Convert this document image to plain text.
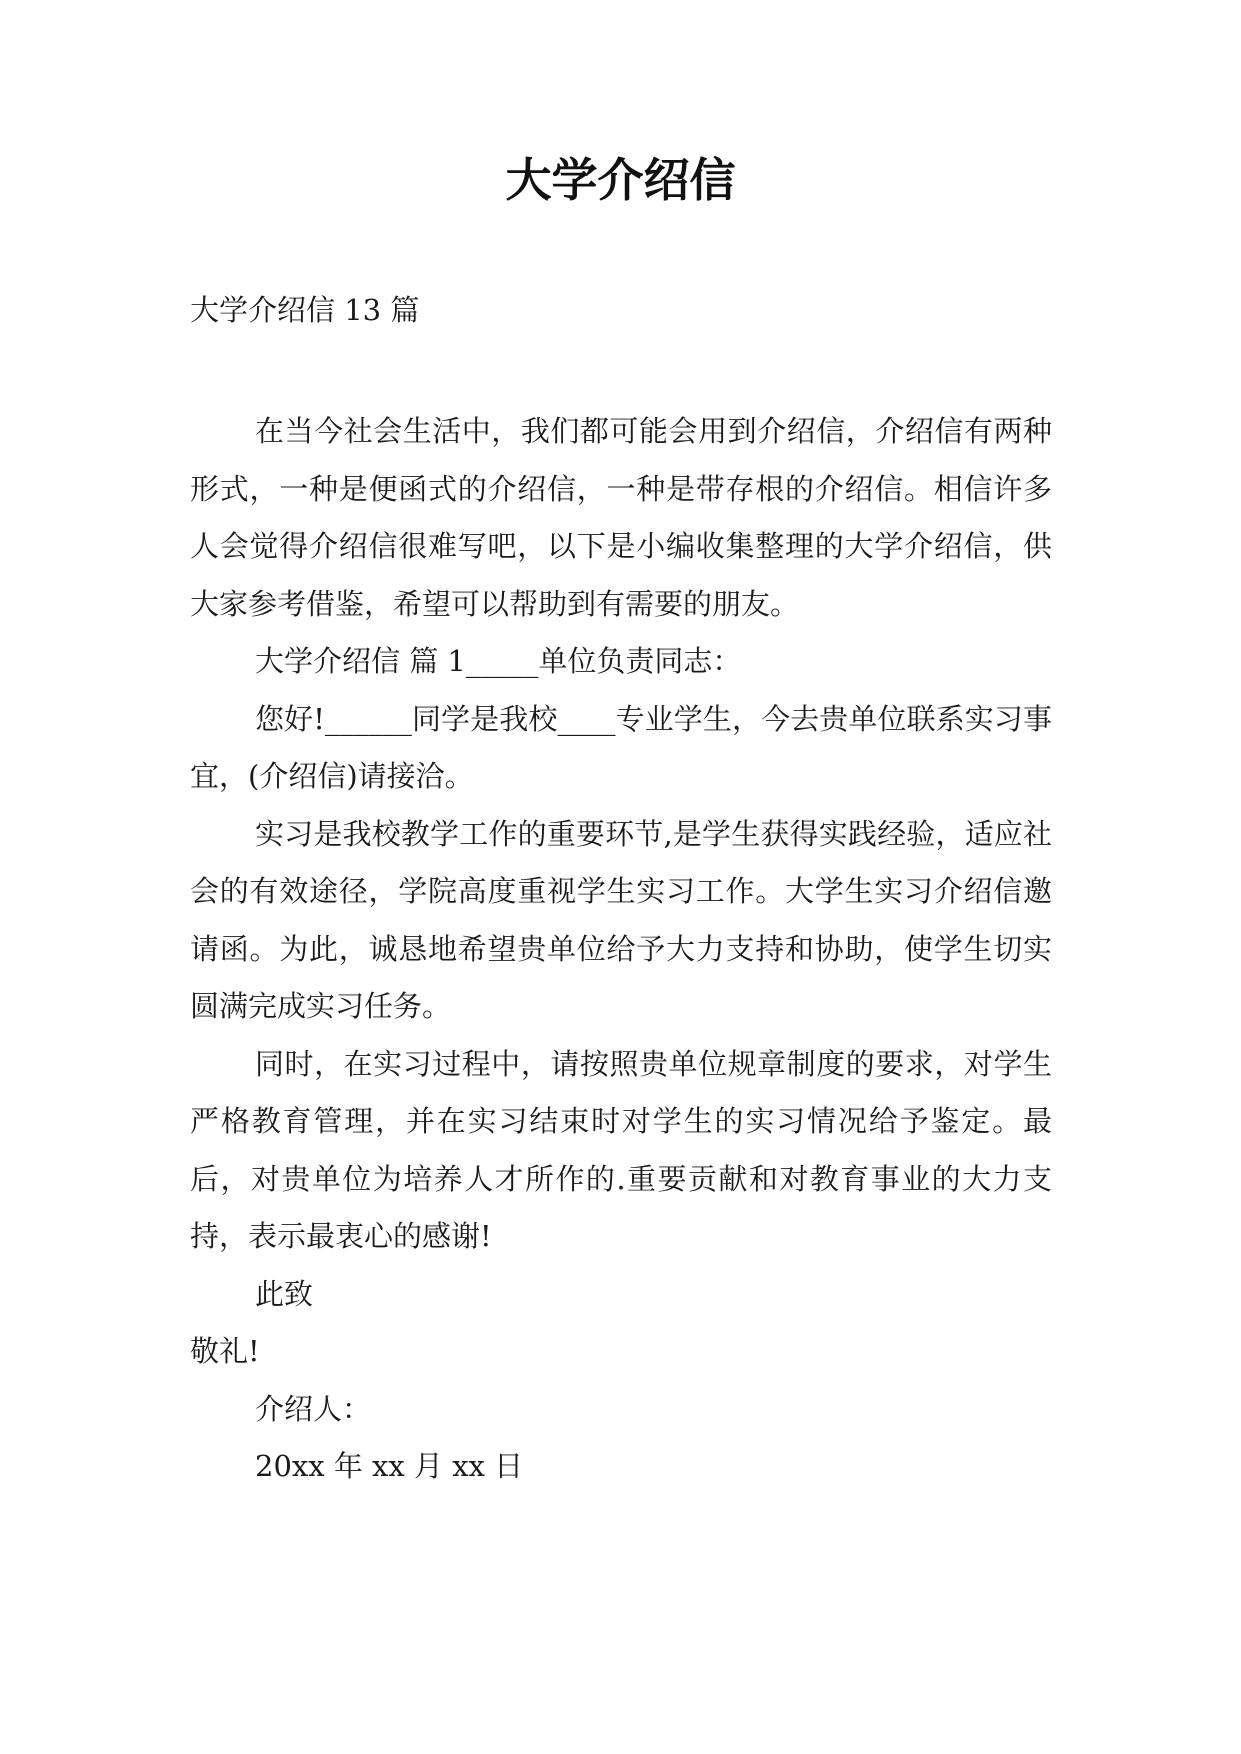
大学介绍信

大学介绍信 13 篇

在当今社会生活中，我们都可能会用到介绍信，介绍信有两种形式，一种是便函式的介绍信，一种是带存根的介绍信。相信许多人会觉得介绍信很难写吧，以下是小编收集整理的大学介绍信，供大家参考借鉴，希望可以帮助到有需要的朋友。

大学介绍信 篇 1_____单位负责同志：

您好!______同学是我校____专业学生，今去贵单位联系实习事宜，(介绍信)请接洽。

实习是我校教学工作的重要环节,是学生获得实践经验，适应社会的有效途径，学院高度重视学生实习工作。大学生实习介绍信邀请函。为此，诚恳地希望贵单位给予大力支持和协助，使学生切实圆满完成实习任务。

同时，在实习过程中，请按照贵单位规章制度的要求，对学生严格教育管理，并在实习结束时对学生的实习情况给予鉴定。最后，对贵单位为培养人才所作的.重要贡献和对教育事业的大力支持，表示最衷心的感谢!

此致

敬礼!

介绍人：

20xx 年 xx 月 xx 日
